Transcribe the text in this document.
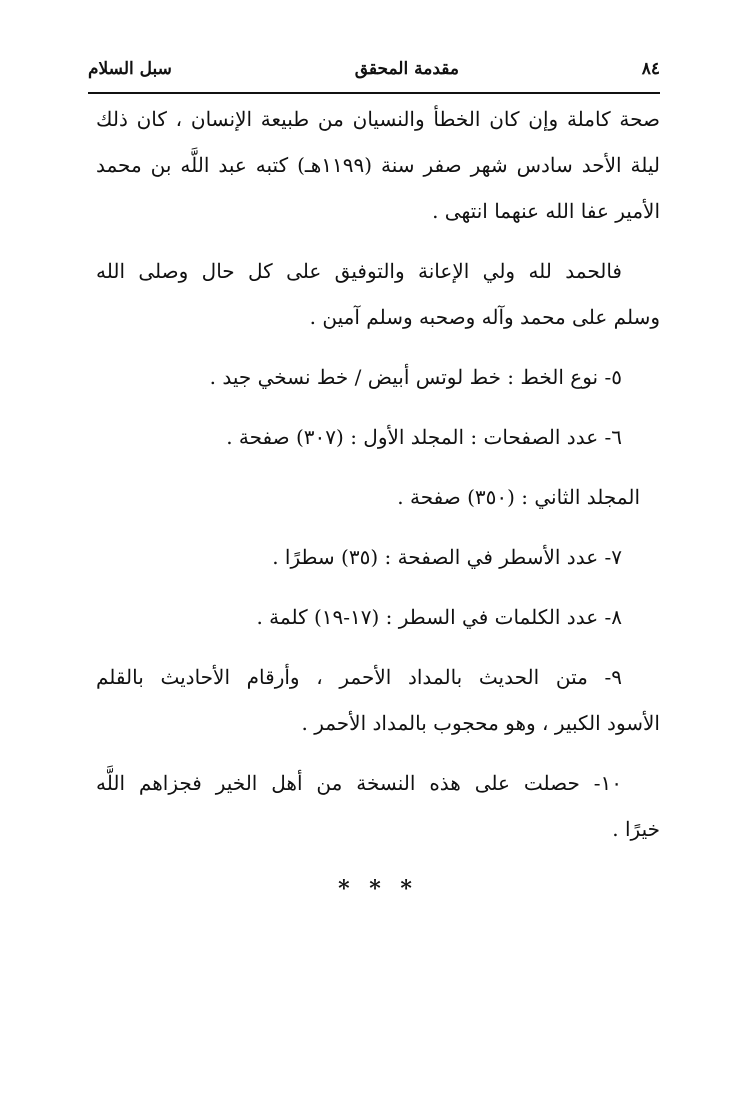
٨٤
مقدمة المحقق
سبل السلام
صحة كاملة وإن كان الخطأ والنسيان من طبيعة الإنسان ، كان ذلك
ليلة الأحد سادس شهر صفر سنة (١١٩٩هـ) كتبه عبد اللَّه بن محمد
الأمير عفا الله عنهما انتهى .
فالحمد لله ولي الإعانة والتوفيق على كل حال وصلى الله
وسلم على محمد وآله وصحبه وسلم آمين .
٥- نوع الخط : خط لوتس أبيض / خط نسخي جيد .
٦- عدد الصفحات : المجلد الأول : (٣٠٧) صفحة .
المجلد الثاني : (٣٥٠) صفحة .
٧- عدد الأسطر في الصفحة : (٣٥) سطرًا .
٨- عدد الكلمات في السطر : (١٧-١٩) كلمة .
٩- متن الحديث بالمداد الأحمر ، وأرقام الأحاديث بالقلم
الأسود الكبير ، وهو محجوب بالمداد الأحمر .
١٠- حصلت على هذه النسخة من أهل الخير فجزاهم اللَّه
خيرًا .
* * *
